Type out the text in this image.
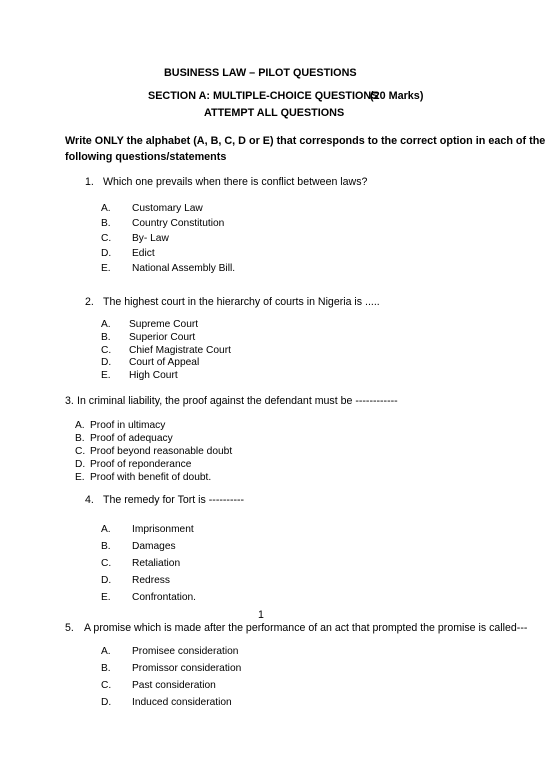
BUSINESS LAW – PILOT QUESTIONS
SECTION A: MULTIPLE-CHOICE QUESTIONS
(20 Marks)
ATTEMPT ALL QUESTIONS
Write ONLY the alphabet (A, B, C, D or E) that corresponds to the correct option in each of the
following questions/statements
1. Which one prevails when there is conflict between laws?
A. Customary Law
B. Country Constitution
C. By- Law
D. Edict
E. National Assembly Bill.
2. The highest court in the hierarchy of courts in Nigeria is .....
A. Supreme Court
B. Superior Court
C. Chief Magistrate Court
D. Court of Appeal
E. High Court
3. In criminal liability, the proof against the defendant must be ------------
A. Proof in ultimacy
B. Proof of adequacy
C. Proof beyond reasonable doubt
D. Proof of reponderance
E. Proof with benefit of doubt.
4. The remedy for Tort is ----------
A. Imprisonment
B. Damages
C. Retaliation
D. Redress
E. Confrontation.
1
5. A promise which is made after the performance of an act that prompted the promise is called---
A. Promisee consideration
B. Promissor consideration
C. Past consideration
D. Induced consideration
